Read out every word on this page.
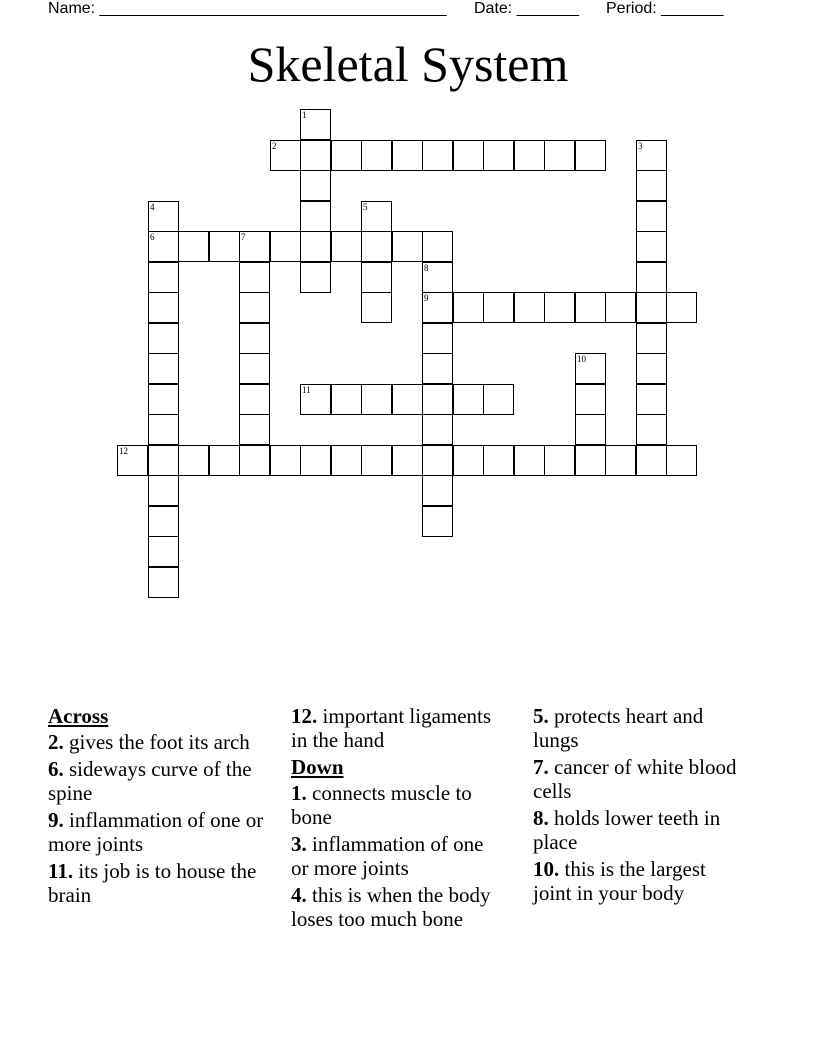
Name: _______________________________________ Date: _______ Period: _______
Skeletal System
1
2	3
4
6
5
7
8
9
10
11
12
Across
2. gives the foot its arch
6. sideways curve of the spine
9. inflammation of one or more joints
11. its job is to house the brain
12. important ligaments in the hand
Down
1. connects muscle to bone
3. inflammation of one or more joints
4. this is when the body loses too much bone
5. protects heart and lungs
7. cancer of white blood cells
8. holds lower teeth in place
10. this is the largest joint in your body
